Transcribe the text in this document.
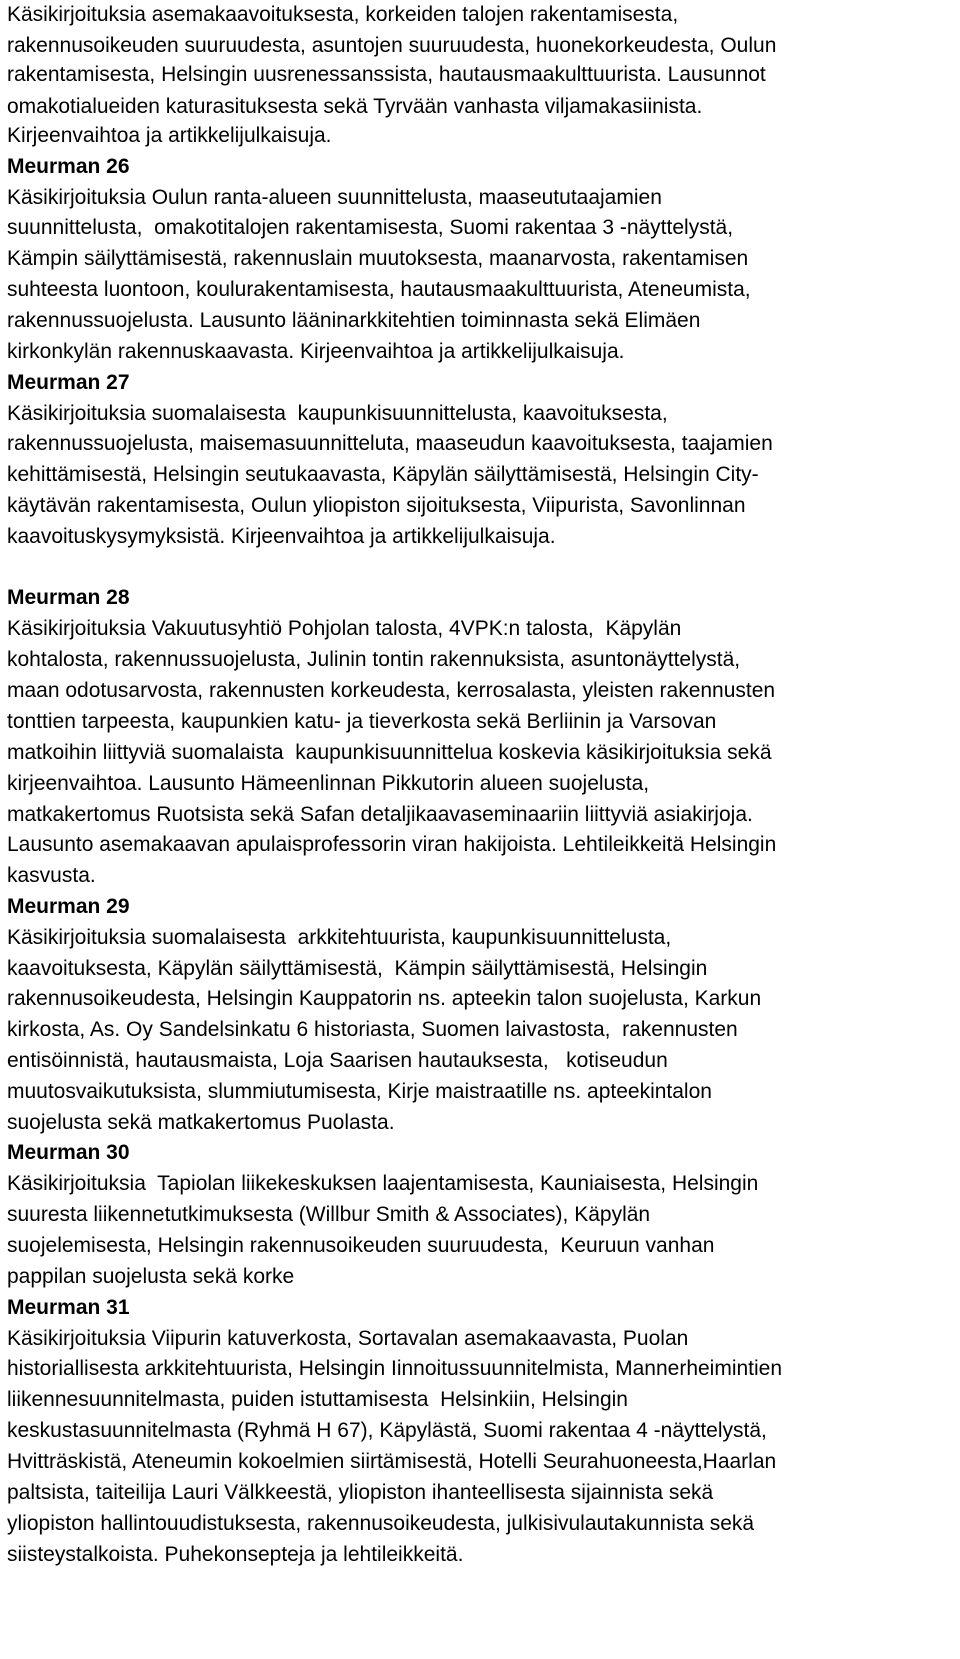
Käsikirjoituksia asemakaavoituksesta, korkeiden talojen rakentamisesta,
rakennusoikeuden suuruudesta, asuntojen suuruudesta, huonekorkeudesta, Oulun
rakentamisesta, Helsingin uusrenessanssista, hautausmaakulttuurista. Lausunnot
omakotialueiden katurasituksesta sekä Tyrvään vanhasta viljamakasiinista.
Kirjeenvaihtoa ja artikkelijulkaisuja.
Meurman 26
Käsikirjoituksia Oulun ranta-alueen suunnittelusta, maaseututaajamien
suunnittelusta,  omakotitalojen rakentamisesta, Suomi rakentaa 3 -näyttelystä,
Kämpin säilyttämisestä, rakennuslain muutoksesta, maanarvosta, rakentamisen
suhteesta luontoon, koulurakentamisesta, hautausmaakulttuurista, Ateneumista,
rakennussuojelusta. Lausunto lääninarkkitehtien toiminnasta sekä Elimäen
kirkonkylän rakennuskaavasta. Kirjeenvaihtoa ja artikkelijulkaisuja.
Meurman 27
Käsikirjoituksia suomalaisesta  kaupunkisuunnittelusta, kaavoituksesta,
rakennussuojelusta, maisemasuunnitteluta, maaseudun kaavoituksesta, taajamien
kehittämisestä, Helsingin seutukaavasta, Käpylän säilyttämisestä, Helsingin City-
käytävän rakentamisesta, Oulun yliopiston sijoituksesta, Viipurista, Savonlinnan
kaavoituskysymyksistä. Kirjeenvaihtoa ja artikkelijulkaisuja.
Meurman 28
Käsikirjoituksia Vakuutusyhtiö Pohjolan talosta, 4VPK:n talosta,  Käpylän
kohtalosta, rakennussuojelusta, Julinin tontin rakennuksista, asuntonäyttelystä,
maan odotusarvosta, rakennusten korkeudesta, kerrosalasta, yleisten rakennusten
tonttien tarpeesta, kaupunkien katu- ja tieverkosta sekä Berliinin ja Varsovan
matkoihin liittyviä suomalaista  kaupunkisuunnittelua koskevia käsikirjoituksia sekä
kirjeenvaihtoa. Lausunto Hämeenlinnan Pikkutorin alueen suojelusta,
matkakertomus Ruotsista sekä Safan detaljikaavaseminaariin liittyviä asiakirjoja.
Lausunto asemakaavan apulaisprofessorin viran hakijoista. Lehtileikkeitä Helsingin
kasvusta.
Meurman 29
Käsikirjoituksia suomalaisesta  arkkitehtuurista, kaupunkisuunnittelusta,
kaavoituksesta, Käpylän säilyttämisestä,  Kämpin säilyttämisestä, Helsingin
rakennusoikeudesta, Helsingin Kauppatorin ns. apteekin talon suojelusta, Karkun
kirkosta, As. Oy Sandelsinkatu 6 historiasta, Suomen laivastosta,  rakennusten
entisöinnistä, hautausmaista, Loja Saarisen hautauksesta,   kotiseudun
muutosvaikutuksista, slummiutumisesta, Kirje maistraatille ns. apteekintalon
suojelusta sekä matkakertomus Puolasta.
Meurman 30
Käsikirjoituksia  Tapiolan liikekeskuksen laajentamisesta, Kauniaisesta, Helsingin
suuresta liikennetutkimuksesta (Willbur Smith & Associates), Käpylän
suojelemisesta, Helsingin rakennusoikeuden suuruudesta,  Keuruun vanhan
pappilan suojelusta sekä korke
Meurman 31
Käsikirjoituksia Viipurin katuverkosta, Sortavalan asemakaavasta, Puolan
historiallisesta arkkitehtuurista, Helsingin Iinnoitussuunnitelmista, Mannerheimintien
liikennesuunnitelmasta, puiden istuttamisesta  Helsinkiin, Helsingin
keskustasuunnitelmasta (Ryhmä H 67), Käpylästä, Suomi rakentaa 4 -näyttelystä,
Hvitträskistä, Ateneumin kokoelmien siirtämisestä, Hotelli Seurahuoneesta,Haarlan
paltsista, taiteilija Lauri Välkkeestä, yliopiston ihanteellisesta sijainnista sekä
yliopiston hallintouudistuksesta, rakennusoikeudesta, julkisivulautakunnista sekä
siisteystalkoista. Puhekonsepteja ja lehtileikkeitä.
